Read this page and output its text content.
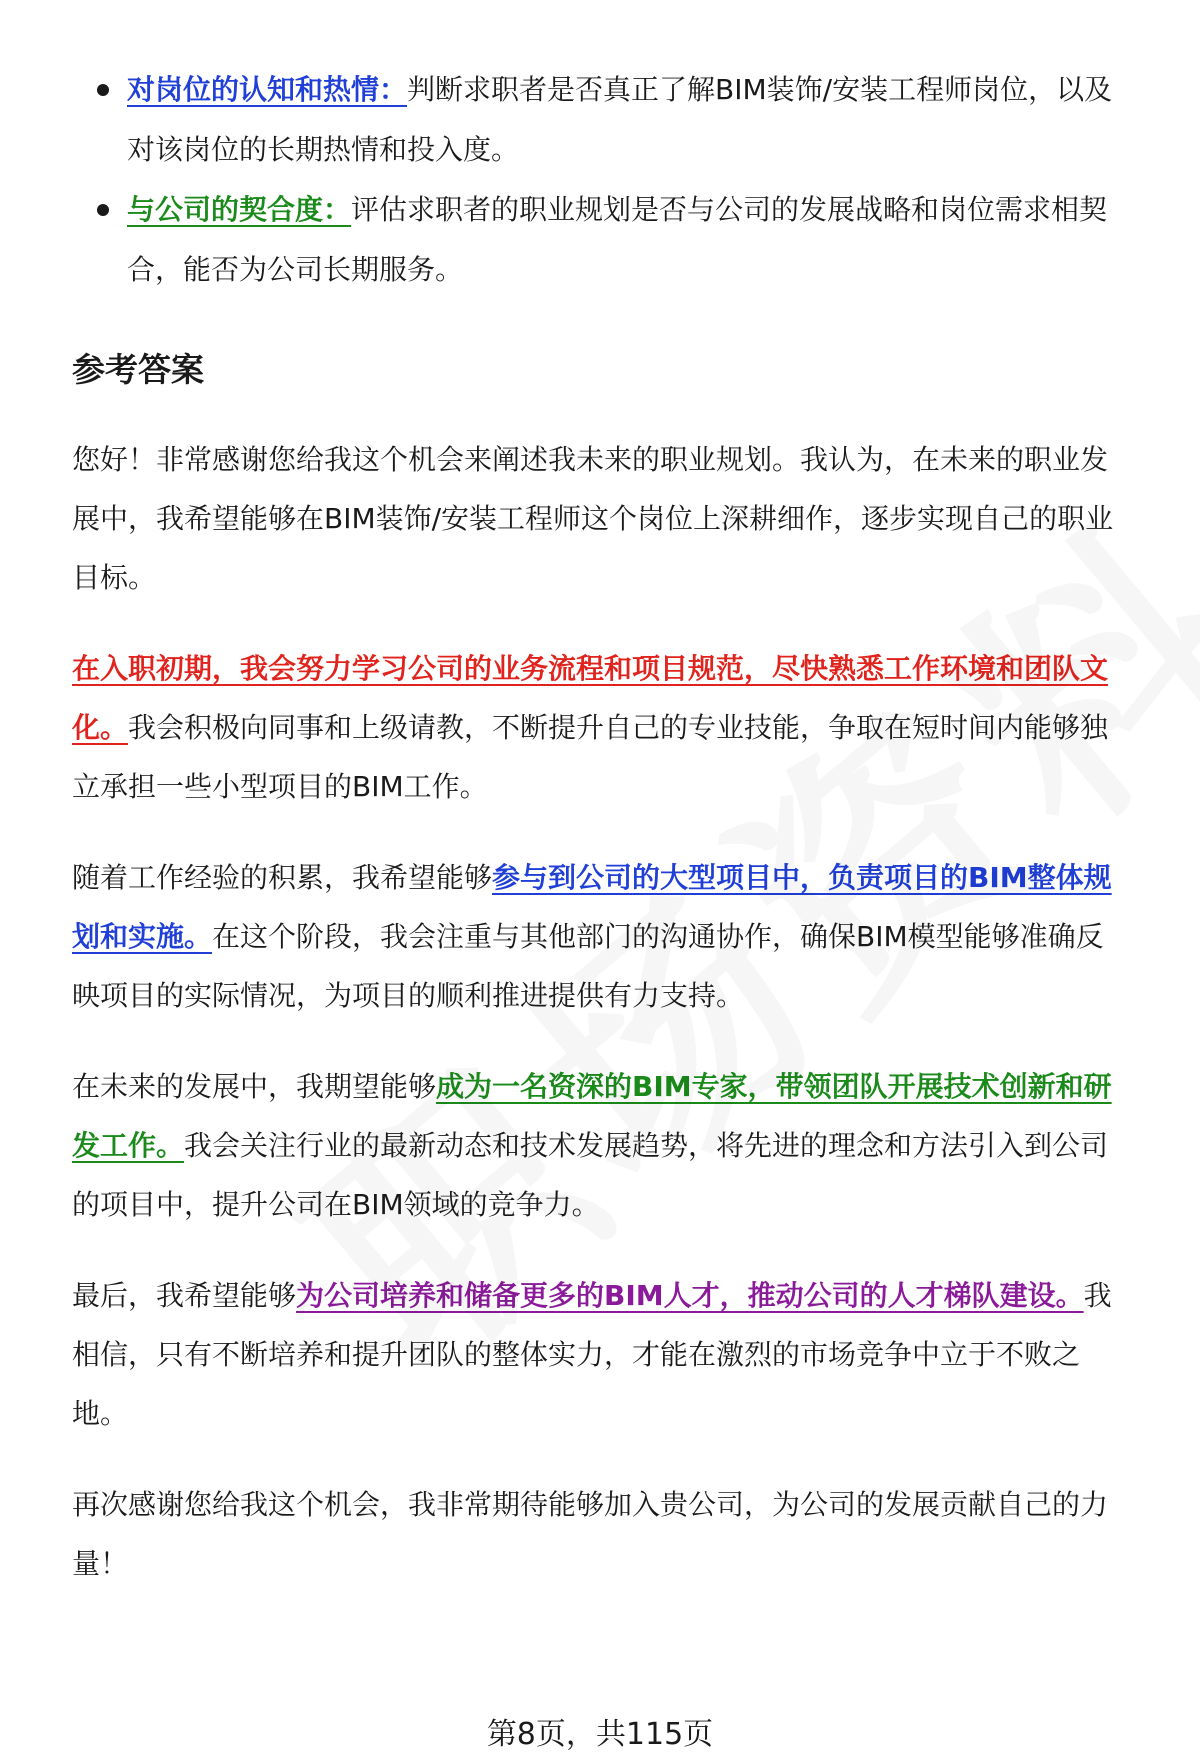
对岗位的认知和热情：判断求职者是否真正了解BIM装饰/安装工程师岗位，以及对该岗位的长期热情和投入度。
与公司的契合度：评估求职者的职业规划是否与公司的发展战略和岗位需求相契合，能否为公司长期服务。
参考答案

您好！非常感谢您给我这个机会来阐述我未来的职业规划。我认为，在未来的职业发展中，我希望能够在BIM装饰/安装工程师这个岗位上深耕细作，逐步实现自己的职业目标。

在入职初期，我会努力学习公司的业务流程和项目规范，尽快熟悉工作环境和团队文化。我会积极向同事和上级请教，不断提升自己的专业技能，争取在短时间内能够独立承担一些小型项目的BIM工作。

随着工作经验的积累，我希望能够参与到公司的大型项目中，负责项目的BIM整体规划和实施。在这个阶段，我会注重与其他部门的沟通协作，确保BIM模型能够准确反映项目的实际情况，为项目的顺利推进提供有力支持。

在未来的发展中，我期望能够成为一名资深的BIM专家，带领团队开展技术创新和研发工作。我会关注行业的最新动态和技术发展趋势，将先进的理念和方法引入到公司的项目中，提升公司在BIM领域的竞争力。

最后，我希望能够为公司培养和储备更多的BIM人才，推动公司的人才梯队建设。我相信，只有不断培养和提升团队的整体实力，才能在激烈的市场竞争中立于不败之地。

再次感谢您给我这个机会，我非常期待能够加入贵公司，为公司的发展贡献自己的力量！

第8页，共115页
